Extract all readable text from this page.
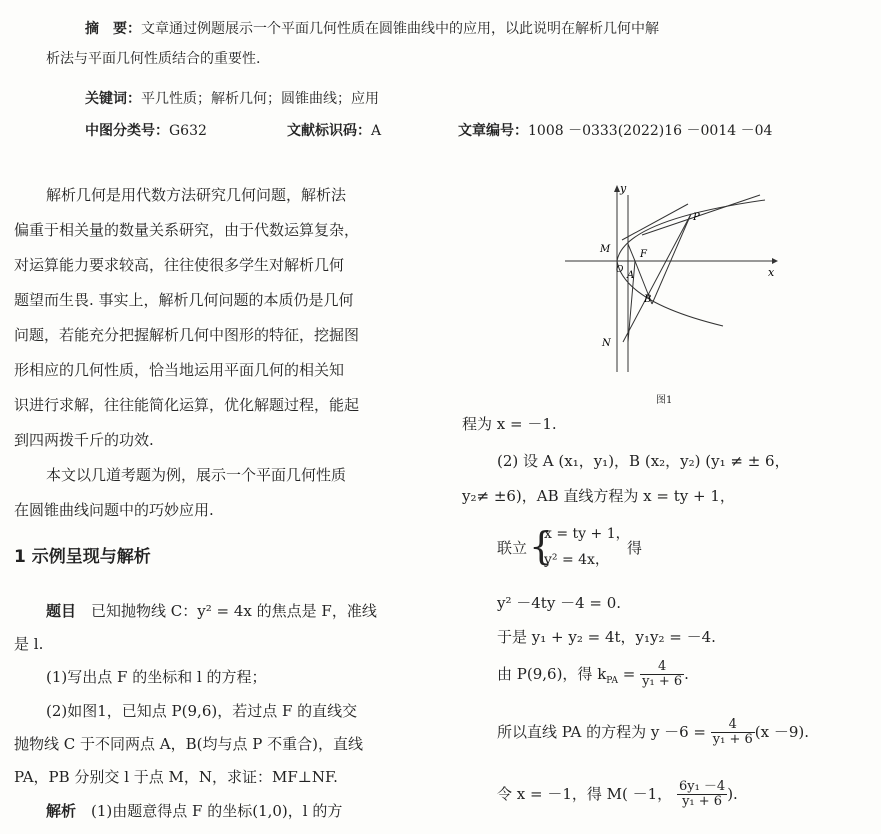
摘　要：文章通过例题展示一个平面几何性质在圆锥曲线中的应用，以此说明在解析几何中解
析法与平面几何性质结合的重要性.
关键词：平几性质；解析几何；圆锥曲线；应用
中图分类号：G632	文献标识码：A	文章编号：1008 －0333(2022)16 －0014 －04

解析几何是用代数方法研究几何问题，解析法

偏重于相关量的数量关系研究，由于代数运算复杂，

对运算能力要求较高，往往使很多学生对解析几何

题望而生畏. 事实上，解析几何问题的本质仍是几何

问题，若能充分把握解析几何中图形的特征，挖掘图

形相应的几何性质，恰当地运用平面几何的相关知

识进行求解，往往能简化运算，优化解题过程，能起

到四两拨千斤的功效.

本文以几道考题为例，展示一个平面几何性质

在圆锥曲线问题中的巧妙应用.

1 示例呈现与解析

题目　 已知抛物线 C：y² = 4x 的焦点是 F，准线

是 l.

(1)写出点 F 的坐标和 l 的方程；

(2)如图1，已知点 P(9,6)，若过点 F 的直线交

抛物线 C 于不同两点 A，B(均与点 P 不重合)，直线

PA，PB 分别交 l 于点 M，N，求证：MF⊥NF.

解析　 (1)由题意得点 F 的坐标(1,0)，l 的方

y
x
P
M	F
O A
B
N
图1

程为 x = －1.

(2) 设 A (x₁，y₁)，B (x₂，y₂) (y₁ ≠ ± 6，

y₂≠ ±6)，AB 直线方程为 x = ty + 1，

联立 {
x = ty + 1，
y² = 4x，
得

y² －4ty －4 = 0.

于是 y₁ + y₂ = 4t，y₁y₂ = －4.

由 P(9,6)，得 $k_{PA} = \frac{4}{\text{y₁ + 6}}$ .

所以直线 PA 的方程为 $y -6 = \frac{4}{\text{y₁ + 6}} (x -9)$.

令 x = －1，得 M( －1， $\frac{\text{6y₁ －4}}{\text{y₁ + 6}}$ ).
